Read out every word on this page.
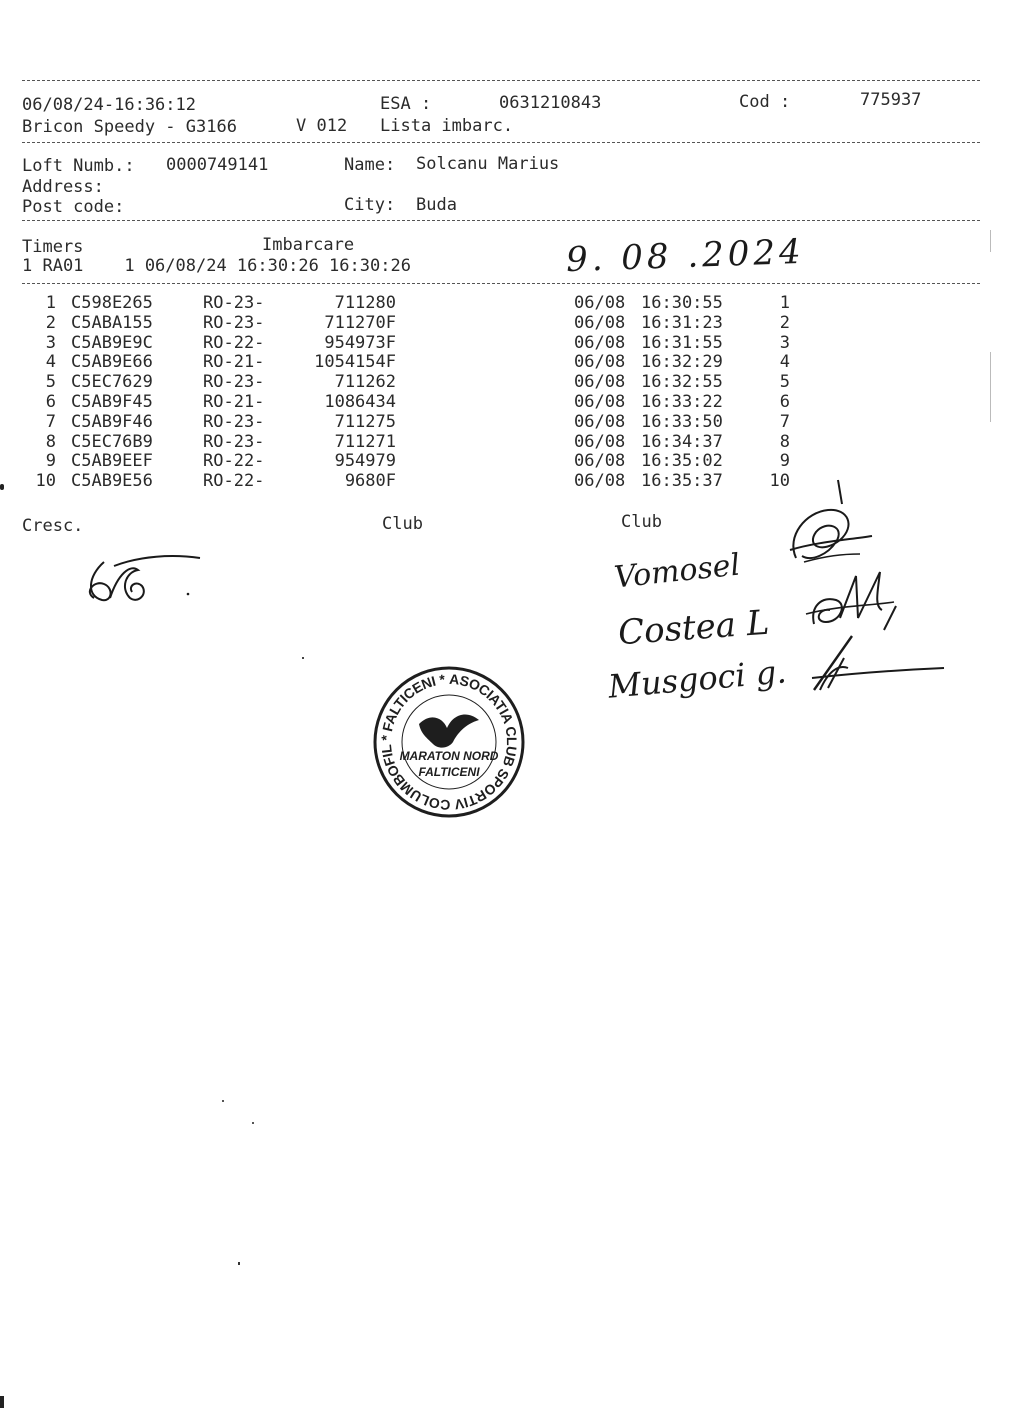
06/08/24-16:36:12	ESA :	0631210843	Cod :	775937
Bricon Speedy - G3166	V 012 Lista imbarc.
Loft Numb.: 0000749141	Name: Solcanu Marius
Address:
Post code:	City: Buda
Timers	Imbarcare
1 RA01    1 06/08/24 16:30:26 16:30:26	9. 08 .2024
1 C598E265	RO-23-	711280	06/08 16:30:55	1
2 C5ABA155	RO-23-	711270F	06/08 16:31:23	2
3 C5AB9E9C	RO-22-	954973F	06/08 16:31:55	3
4 C5AB9E66	RO-21-	1054154F	06/08 16:32:29	4
5 C5EC7629	RO-23-	711262	06/08 16:32:55	5
6 C5AB9F45	RO-21-	1086434	06/08 16:33:22	6
7 C5AB9F46	RO-23-	711275	06/08 16:33:50	7
8 C5EC76B9	RO-23-	711271	06/08 16:34:37	8
9 C5AB9EEF	RO-22-	954979	06/08 16:35:02	9
10 C5AB9E56	RO-22-	9680F	06/08 16:35:37	10
Cresc.	Club	Club
Vomosel
Costea L
Musgoci g.
ASOCIATIA CLUB SPORTIV COLUMBOFIL * FALTICENI *
MARATON NORD
FALTICENI
